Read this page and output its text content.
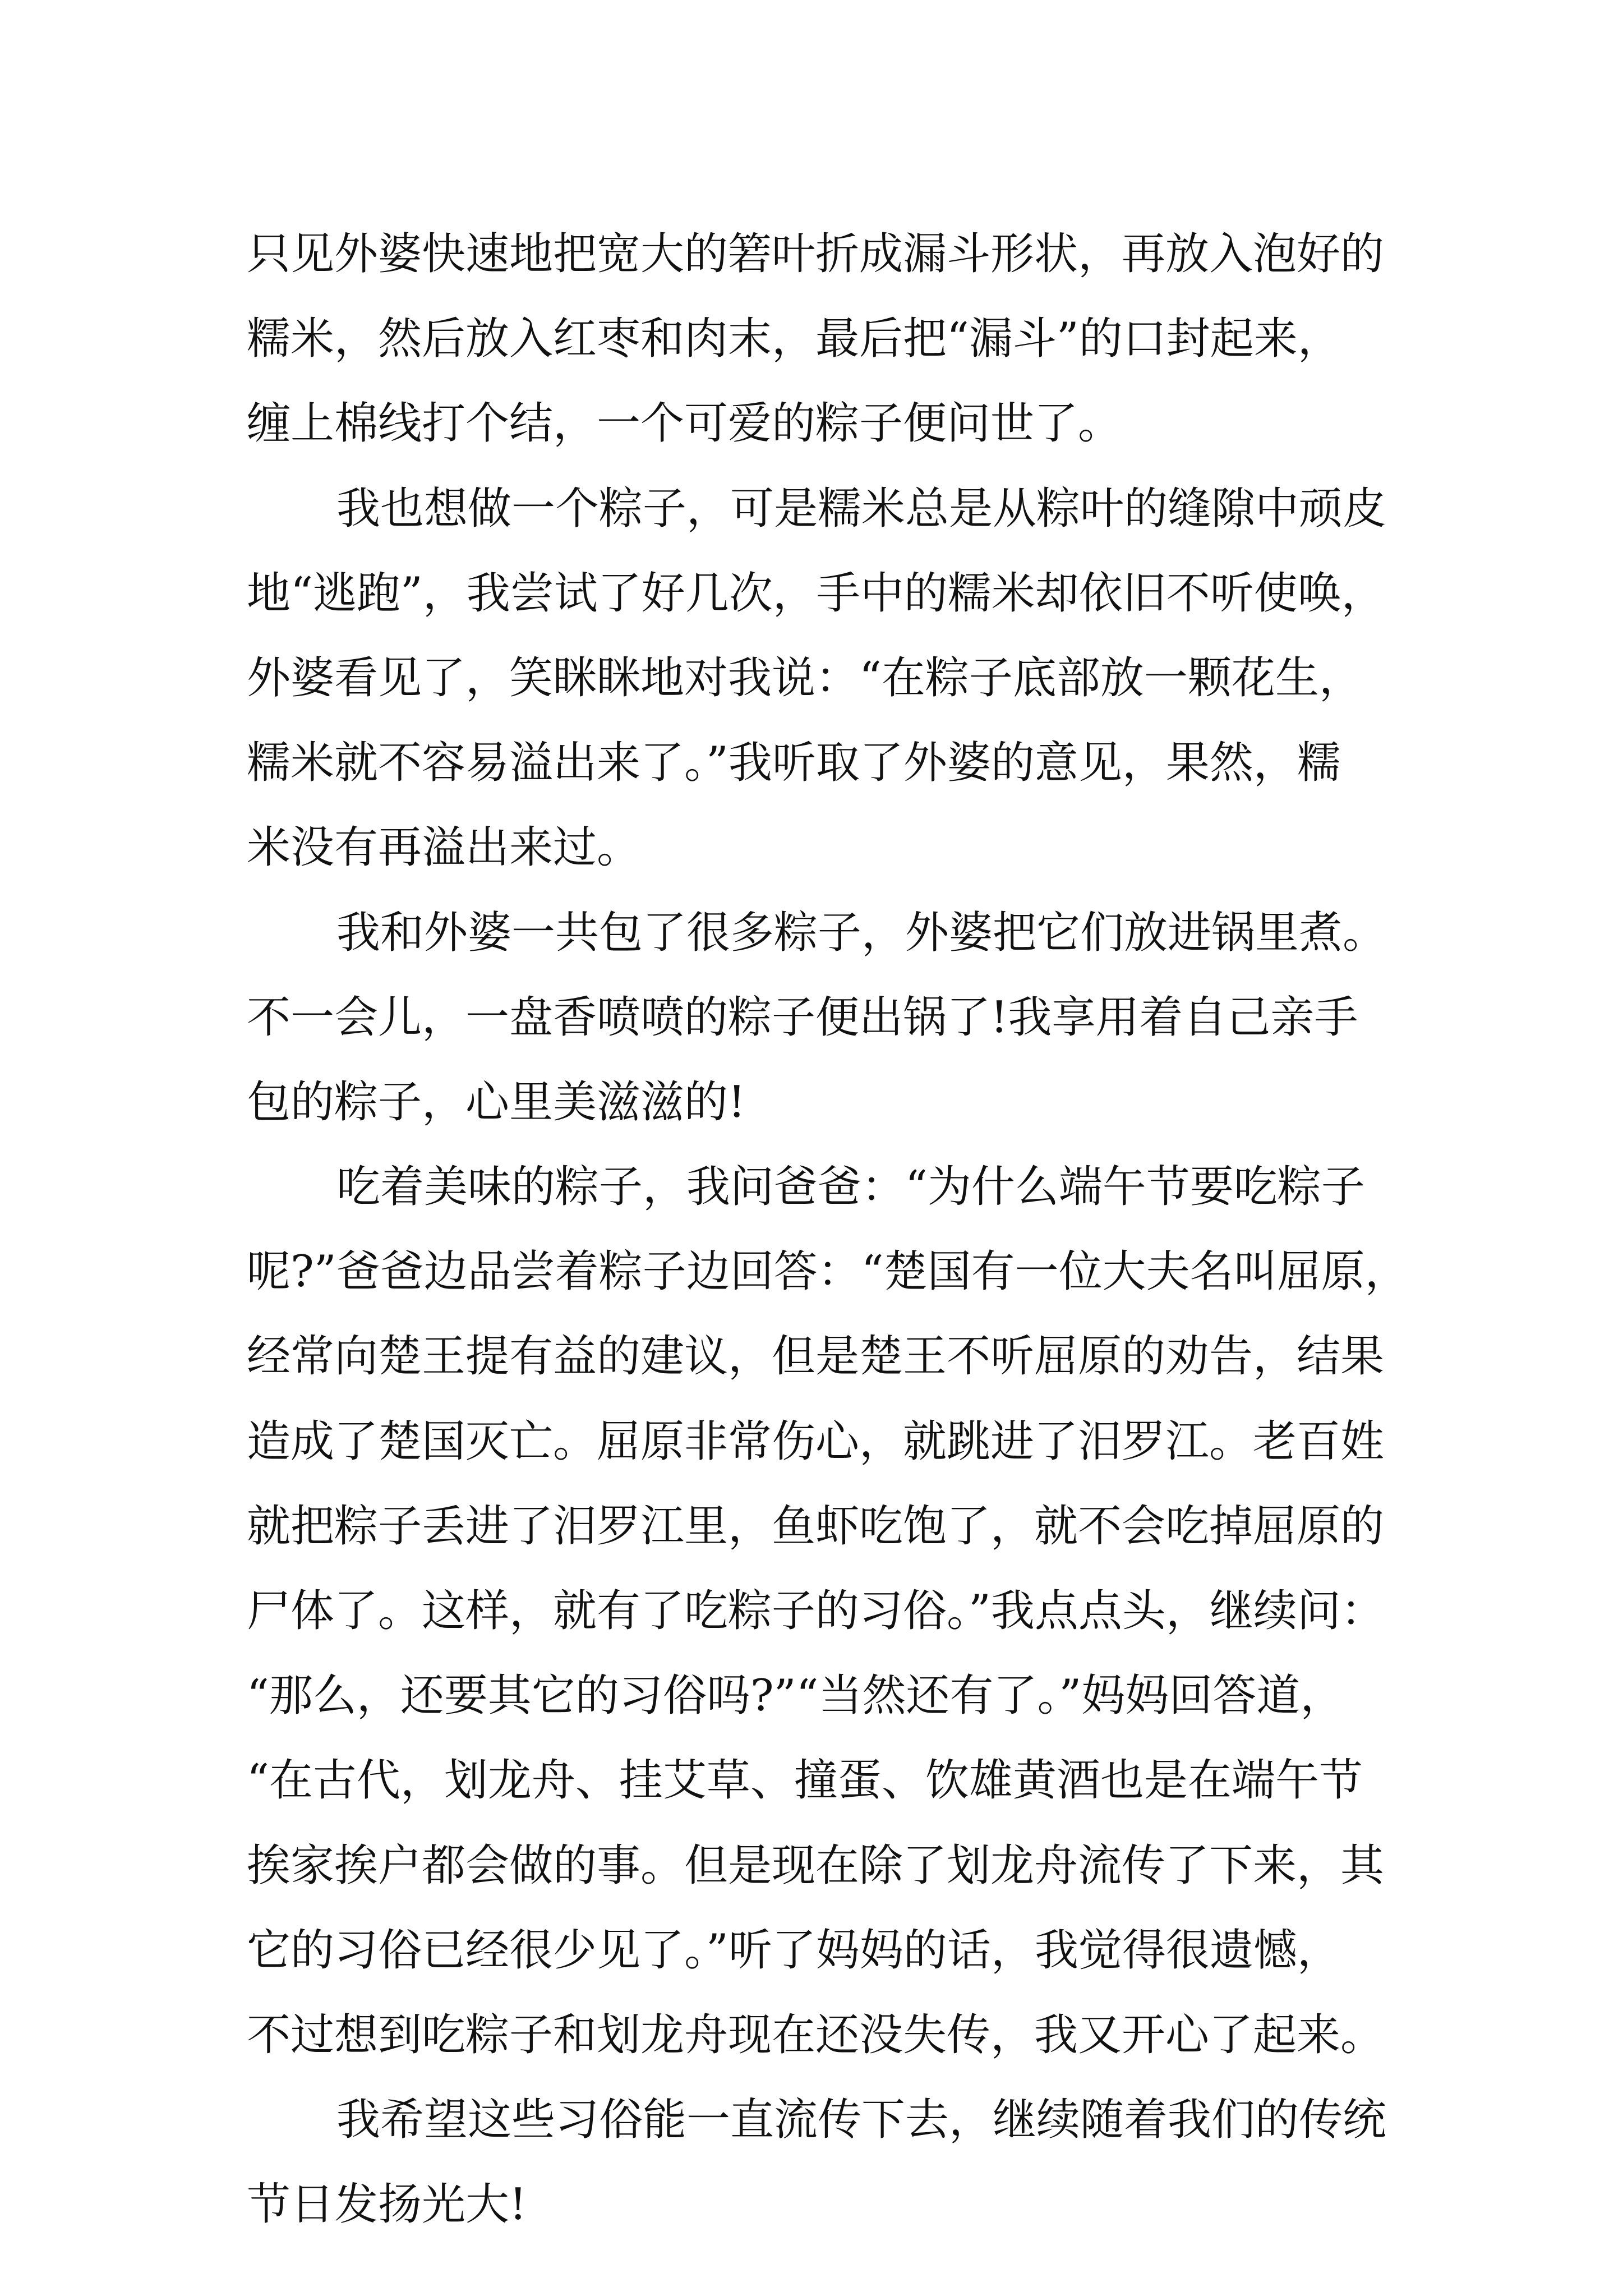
只见外婆快速地把宽大的箬叶折成漏斗形状，再放入泡好的
糯米，然后放入红枣和肉末，最后把“漏斗”的口封起来，
缠上棉线打个结，一个可爱的粽子便问世了。
我也想做一个粽子，可是糯米总是从粽叶的缝隙中顽皮
地“逃跑”，我尝试了好几次，手中的糯米却依旧不听使唤，
外婆看见了，笑眯眯地对我说：“在粽子底部放一颗花生，
糯米就不容易溢出来了。”我听取了外婆的意见，果然，糯
米没有再溢出来过。
我和外婆一共包了很多粽子，外婆把它们放进锅里煮。
不一会儿，一盘香喷喷的粽子便出锅了!我享用着自己亲手
包的粽子，心里美滋滋的!
吃着美味的粽子，我问爸爸：“为什么端午节要吃粽子
呢?”爸爸边品尝着粽子边回答：“楚国有一位大夫名叫屈原，
经常向楚王提有益的建议，但是楚王不听屈原的劝告，结果
造成了楚国灭亡。屈原非常伤心，就跳进了汨罗江。老百姓
就把粽子丢进了汨罗江里，鱼虾吃饱了，就不会吃掉屈原的
尸体了。这样，就有了吃粽子的习俗。”我点点头，继续问：
“那么，还要其它的习俗吗?”“当然还有了。”妈妈回答道，
“在古代，划龙舟、挂艾草、撞蛋、饮雄黄酒也是在端午节
挨家挨户都会做的事。但是现在除了划龙舟流传了下来，其
它的习俗已经很少见了。”听了妈妈的话，我觉得很遗憾，
不过想到吃粽子和划龙舟现在还没失传，我又开心了起来。
我希望这些习俗能一直流传下去，继续随着我们的传统
节日发扬光大!
